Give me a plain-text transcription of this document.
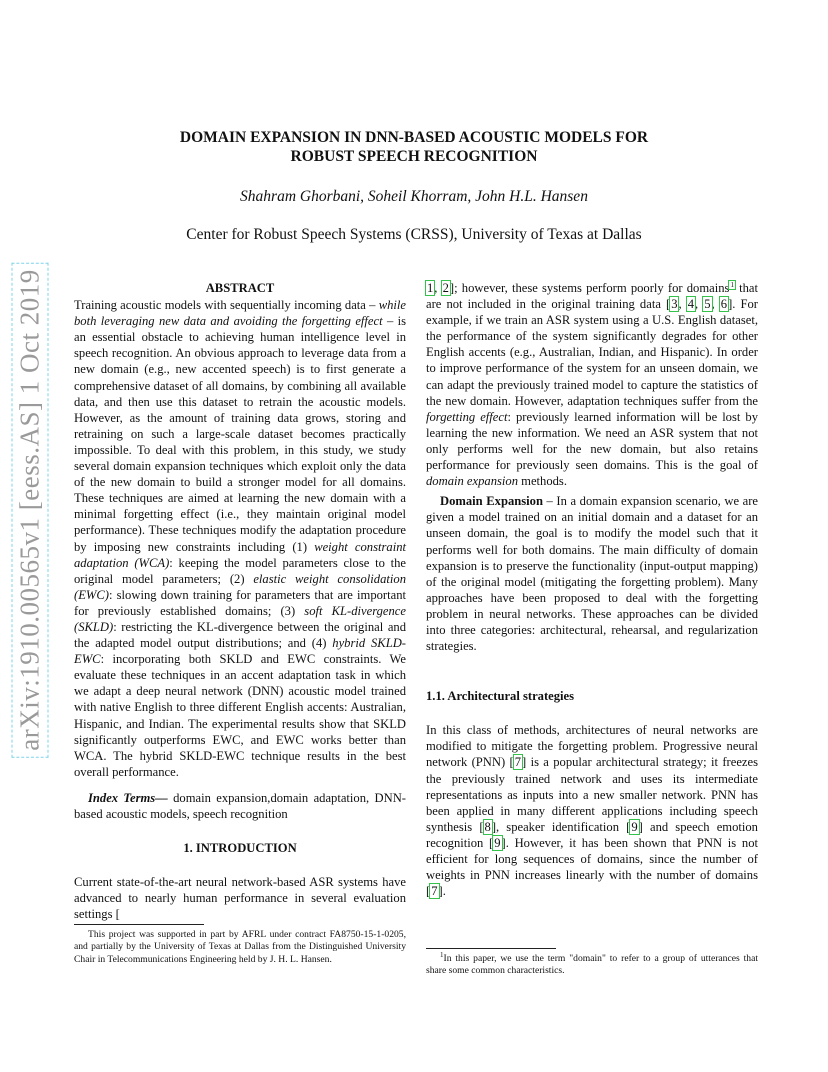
arXiv:1910.00565v1 [eess.AS] 1 Oct 2019
DOMAIN EXPANSION IN DNN-BASED ACOUSTIC MODELS FOR
ROBUST SPEECH RECOGNITION
Shahram Ghorbani, Soheil Khorram, John H.L. Hansen
Center for Robust Speech Systems (CRSS), University of Texas at Dallas
ABSTRACT

Training acoustic models with sequentially incoming data – while both leveraging new data and avoiding the forgetting effect – is an essential obstacle to achieving human intelligence level in speech recognition. An obvious approach to leverage data from a new domain (e.g., new accented speech) is to first generate a comprehensive dataset of all domains, by combining all available data, and then use this dataset to retrain the acoustic models. However, as the amount of training data grows, storing and retraining on such a large-scale dataset becomes practically impossible. To deal with this problem, in this study, we study several domain expansion techniques which exploit only the data of the new domain to build a stronger model for all domains. These techniques are aimed at learning the new domain with a minimal forgetting effect (i.e., they maintain original model performance). These techniques modify the adaptation procedure by imposing new constraints including (1) weight constraint adaptation (WCA): keeping the model parameters close to the original model parameters; (2) elastic weight consolidation (EWC): slowing down training for parameters that are important for previously established domains; (3) soft KL-divergence (SKLD): restricting the KL-divergence between the original and the adapted model output distributions; and (4) hybrid SKLD-EWC: incorporating both SKLD and EWC constraints. We evaluate these techniques in an accent adaptation task in which we adapt a deep neural network (DNN) acoustic model trained with native English to three different English accents: Australian, Hispanic, and Indian. The experimental results show that SKLD significantly outperforms EWC, and EWC works better than WCA. The hybrid SKLD-EWC technique results in the best overall performance.

Index Terms— domain expansion,domain adaptation, DNN-based acoustic models, speech recognition

1. INTRODUCTION

Current state-of-the-art neural network-based ASR systems have advanced to nearly human performance in several evaluation settings [

1, 2]; however, these systems perform poorly for domains$^1$ that are not included in the original training data [3, 4, 5, 6]. For example, if we train an ASR system using a U.S. English dataset, the performance of the system significantly degrades for other English accents (e.g., Australian, Indian, and Hispanic). In order to improve performance of the system for an unseen domain, we can adapt the previously trained model to capture the statistics of the new domain. However, adaptation techniques suffer from the forgetting effect: previously learned information will be lost by learning the new information. We need an ASR system that not only performs well for the new domain, but also retains performance for previously seen domains. This is the goal of domain expansion methods.

Domain Expansion – In a domain expansion scenario, we are given a model trained on an initial domain and a dataset for an unseen domain, the goal is to modify the model such that it performs well for both domains. The main difficulty of domain expansion is to preserve the functionality (input-output mapping) of the original model (mitigating the forgetting problem). Many approaches have been proposed to deal with the forgetting problem in neural networks. These approaches can be divided into three categories: architectural, rehearsal, and regularization strategies.

1.1. Architectural strategies

In this class of methods, architectures of neural networks are modified to mitigate the forgetting problem. Progressive neural network (PNN) [7] is a popular architectural strategy; it freezes the previously trained network and uses its intermediate representations as inputs into a new smaller network. PNN has been applied in many different applications including speech synthesis [8], speaker identification [9] and speech emotion recognition [9]. However, it has been shown that PNN is not efficient for long sequences of domains, since the number of weights in PNN increases linearly with the number of domains [7].

This project was supported in part by AFRL under contract FA8750-15-1-0205, and partially by the University of Texas at Dallas from the Distinguished University Chair in Telecommunications Engineering held by J. H. L. Hansen.	$^1$In this paper, we use the term "domain" to refer to a group of utterances that share some common characteristics.
